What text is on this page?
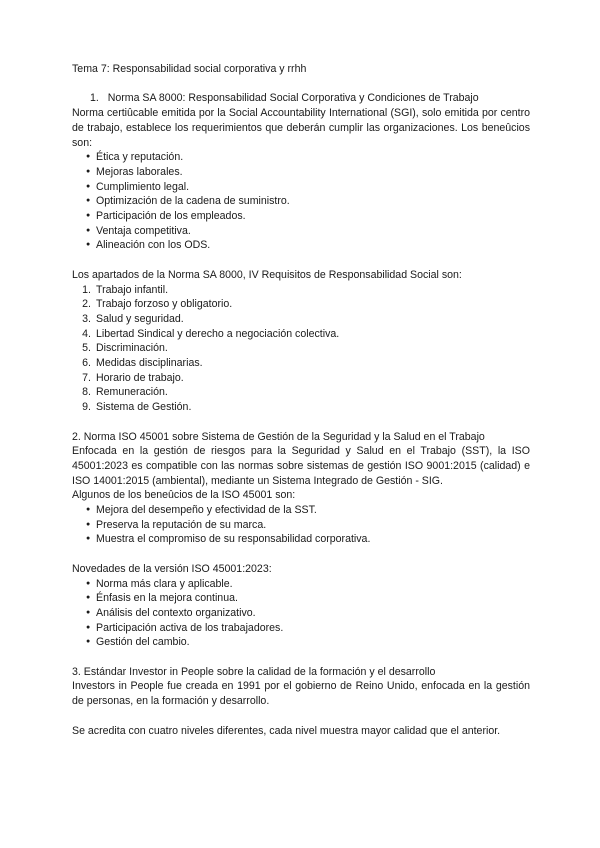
Tema 7: Responsabilidad social corporativa y rrhh

1. Norma SA 8000: Responsabilidad Social Corporativa y Condiciones de Trabajo

Norma certiûcable emitida por la Social Accountability International (SGI), solo emitida por centro de trabajo, establece los requerimientos que deberán cumplir las organizaciones. Los beneûcios son:

● Ética y reputación.
● Mejoras laborales.
● Cumplimiento legal.
● Optimización de la cadena de suministro.
● Participación de los empleados.
● Ventaja competitiva.
● Alineación con los ODS.

Los apartados de la Norma SA 8000, IV Requisitos de Responsabilidad Social son:

1. Trabajo infantil.
2. Trabajo forzoso y obligatorio.
3. Salud y seguridad.
4. Libertad Sindical y derecho a negociación colectiva.
5. Discriminación.
6. Medidas disciplinarias.
7. Horario de trabajo.
8. Remuneración.
9. Sistema de Gestión.

2. Norma ISO 45001 sobre Sistema de Gestión de la Seguridad y la Salud en el Trabajo

Enfocada en la gestión de riesgos para la Seguridad y Salud en el Trabajo (SST), la ISO 45001:2023 es compatible con las normas sobre sistemas de gestión ISO 9001:2015 (calidad) e ISO 14001:2015 (ambiental), mediante un Sistema Integrado de Gestión - SIG.

Algunos de los beneûcios de la ISO 45001 son:

● Mejora del desempeño y efectividad de la SST.
● Preserva la reputación de su marca.
● Muestra el compromiso de su responsabilidad corporativa.

Novedades de la versión ISO 45001:2023:

● Norma más clara y aplicable.
● Énfasis en la mejora continua.
● Análisis del contexto organizativo.
● Participación activa de los trabajadores.
● Gestión del cambio.

3. Estándar Investor in People sobre la calidad de la formación y el desarrollo

Investors in People fue creada en 1991 por el gobierno de Reino Unido, enfocada en la gestión de personas, en la formación y desarrollo.

Se acredita con cuatro niveles diferentes, cada nivel muestra mayor calidad que el anterior.
